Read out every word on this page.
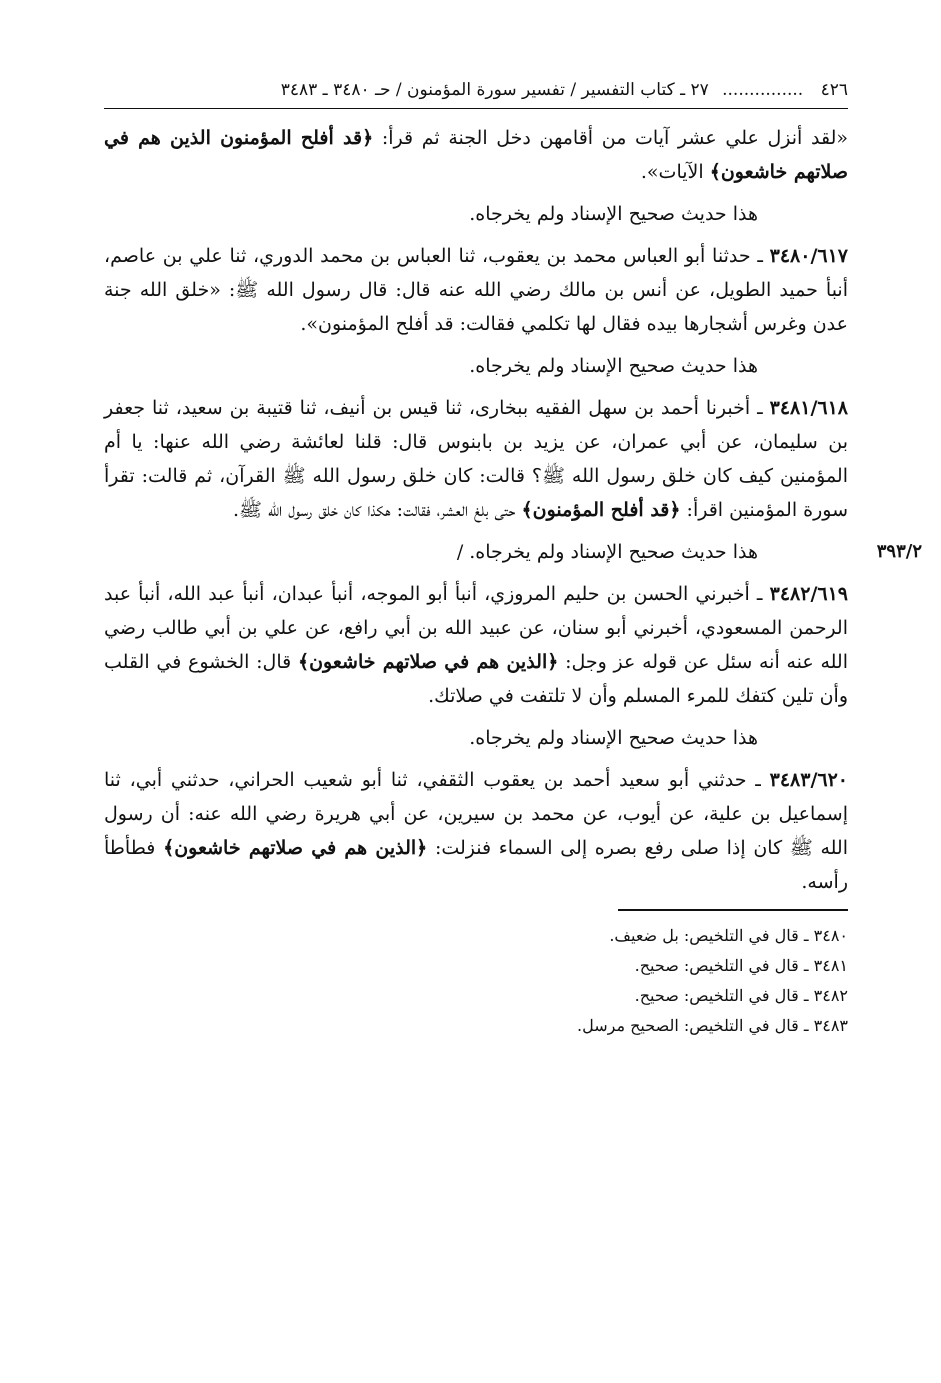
٤٢٦ ............... ٢٧ ـ كتاب التفسير / تفسير سورة المؤمنون / حـ ٣٤٨٠ ـ ٣٤٨٣

«لقد أنزل علي عشر آيات من أقامهن دخل الجنة ثم قرأ: ﴿قد أفلح المؤمنون الذين هم في صلاتهم خاشعون﴾ الآيات».

هذا حديث صحيح الإسناد ولم يخرجاه.

٣٤٨٠/٦١٧ ـ حدثنا أبو العباس محمد بن يعقوب، ثنا العباس بن محمد الدوري، ثنا علي بن عاصم، أنبأ حميد الطويل، عن أنس بن مالك رضي الله عنه قال: قال رسول الله ﷺ: «خلق الله جنة عدن وغرس أشجارها بيده فقال لها تكلمي فقالت: قد أفلح المؤمنون».

هذا حديث صحيح الإسناد ولم يخرجاه.

٣٤٨١/٦١٨ ـ أخبرنا أحمد بن سهل الفقيه ببخارى، ثنا قيس بن أنيف، ثنا قتيبة بن سعيد، ثنا جعفر بن سليمان، عن أبي عمران، عن يزيد بن بابنوس قال: قلنا لعائشة رضي الله عنها: يا أم المؤمنين كيف كان خلق رسول الله ﷺ؟ قالت: كان خلق رسول الله ﷺ القرآن، ثم قالت: تقرأ سورة المؤمنين اقرأ: ﴿قد أفلح المؤمنون﴾ حتى بلغ العشر، فقالت: هكذا كان خلق رسول الله ﷺ.

هذا حديث صحيح الإسناد ولم يخرجاه. /	٣٩٣/٢

٣٤٨٢/٦١٩ ـ أخبرني الحسن بن حليم المروزي، أنبأ أبو الموجه، أنبأ عبدان، أنبأ عبد الله، أنبأ عبد الرحمن المسعودي، أخبرني أبو سنان، عن عبيد الله بن أبي رافع، عن علي بن أبي طالب رضي الله عنه أنه سئل عن قوله عز وجل: ﴿الذين هم في صلاتهم خاشعون﴾ قال: الخشوع في القلب وأن تلين كتفك للمرء المسلم وأن لا تلتفت في صلاتك.

هذا حديث صحيح الإسناد ولم يخرجاه.

٣٤٨٣/٦٢٠ ـ حدثني أبو سعيد أحمد بن يعقوب الثقفي، ثنا أبو شعيب الحراني، حدثني أبي، ثنا إسماعيل بن علية، عن أيوب، عن محمد بن سيرين، عن أبي هريرة رضي الله عنه: أن رسول الله ﷺ كان إذا صلى رفع بصره إلى السماء فنزلت: ﴿الذين هم في صلاتهم خاشعون﴾ فطأطأ رأسه.

٣٤٨٠ ـ قال في التلخيص: بل ضعيف.

٣٤٨١ ـ قال في التلخيص: صحيح.

٣٤٨٢ ـ قال في التلخيص: صحيح.

٣٤٨٣ ـ قال في التلخيص: الصحيح مرسل.
